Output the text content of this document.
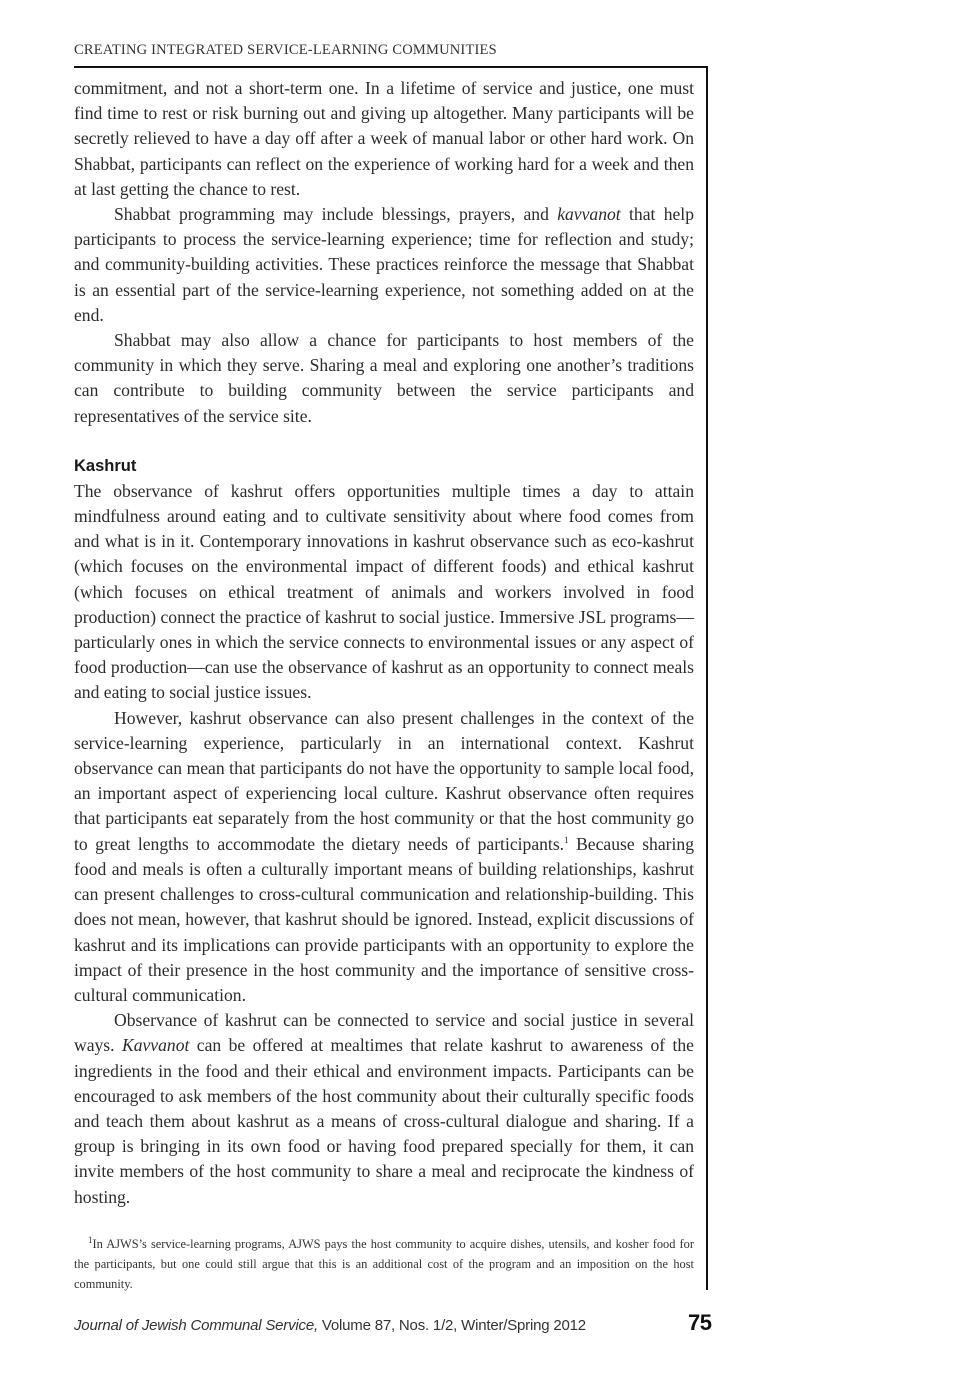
CREATING INTEGRATED SERVICE-LEARNING COMMUNITIES

commitment, and not a short-term one. In a lifetime of service and justice, one must find time to rest or risk burning out and giving up altogether. Many participants will be secretly relieved to have a day off after a week of manual labor or other hard work. On Shabbat, participants can reflect on the experience of working hard for a week and then at last getting the chance to rest.

Shabbat programming may include blessings, prayers, and kavvanot that help participants to process the service-learning experience; time for reflection and study; and community-building activities. These practices reinforce the message that Shabbat is an essential part of the service-learning experience, not something added on at the end.

Shabbat may also allow a chance for participants to host members of the community in which they serve. Sharing a meal and exploring one another’s traditions can contribute to building community between the service participants and representatives of the service site.

Kashrut

The observance of kashrut offers opportunities multiple times a day to attain mindfulness around eating and to cultivate sensitivity about where food comes from and what is in it. Contemporary innovations in kashrut observance such as eco-kashrut (which focuses on the environmental impact of different foods) and ethical kashrut (which focuses on ethical treatment of animals and workers involved in food production) connect the practice of kashrut to social justice. Immersive JSL programs—particularly ones in which the service connects to environmental issues or any aspect of food production—can use the observance of kashrut as an opportunity to connect meals and eating to social justice issues.

However, kashrut observance can also present challenges in the context of the service-learning experience, particularly in an international context. Kashrut observance can mean that participants do not have the opportunity to sample local food, an important aspect of experiencing local culture. Kashrut observance often requires that participants eat separately from the host community or that the host community go to great lengths to accommodate the dietary needs of participants.$^1$ Because sharing food and meals is often a culturally important means of building relationships, kashrut can present challenges to cross-cultural communication and relationship-building. This does not mean, however, that kashrut should be ignored. Instead, explicit discussions of kashrut and its implications can provide participants with an opportunity to explore the impact of their presence in the host community and the importance of sensitive cross-cultural communication.

Observance of kashrut can be connected to service and social justice in several ways. Kavvanot can be offered at mealtimes that relate kashrut to awareness of the ingredients in the food and their ethical and environment impacts. Participants can be encouraged to ask members of the host community about their culturally specific foods and teach them about kashrut as a means of cross-cultural dialogue and sharing. If a group is bringing in its own food or having food prepared specially for them, it can invite members of the host community to share a meal and reciprocate the kindness of hosting.

$^1$In AJWS’s service-learning programs, AJWS pays the host community to acquire dishes, utensils, and kosher food for the participants, but one could still argue that this is an additional cost of the program and an imposition on the host community.
Journal of Jewish Communal Service, Volume 87, Nos. 1/2, Winter/Spring 2012	75
